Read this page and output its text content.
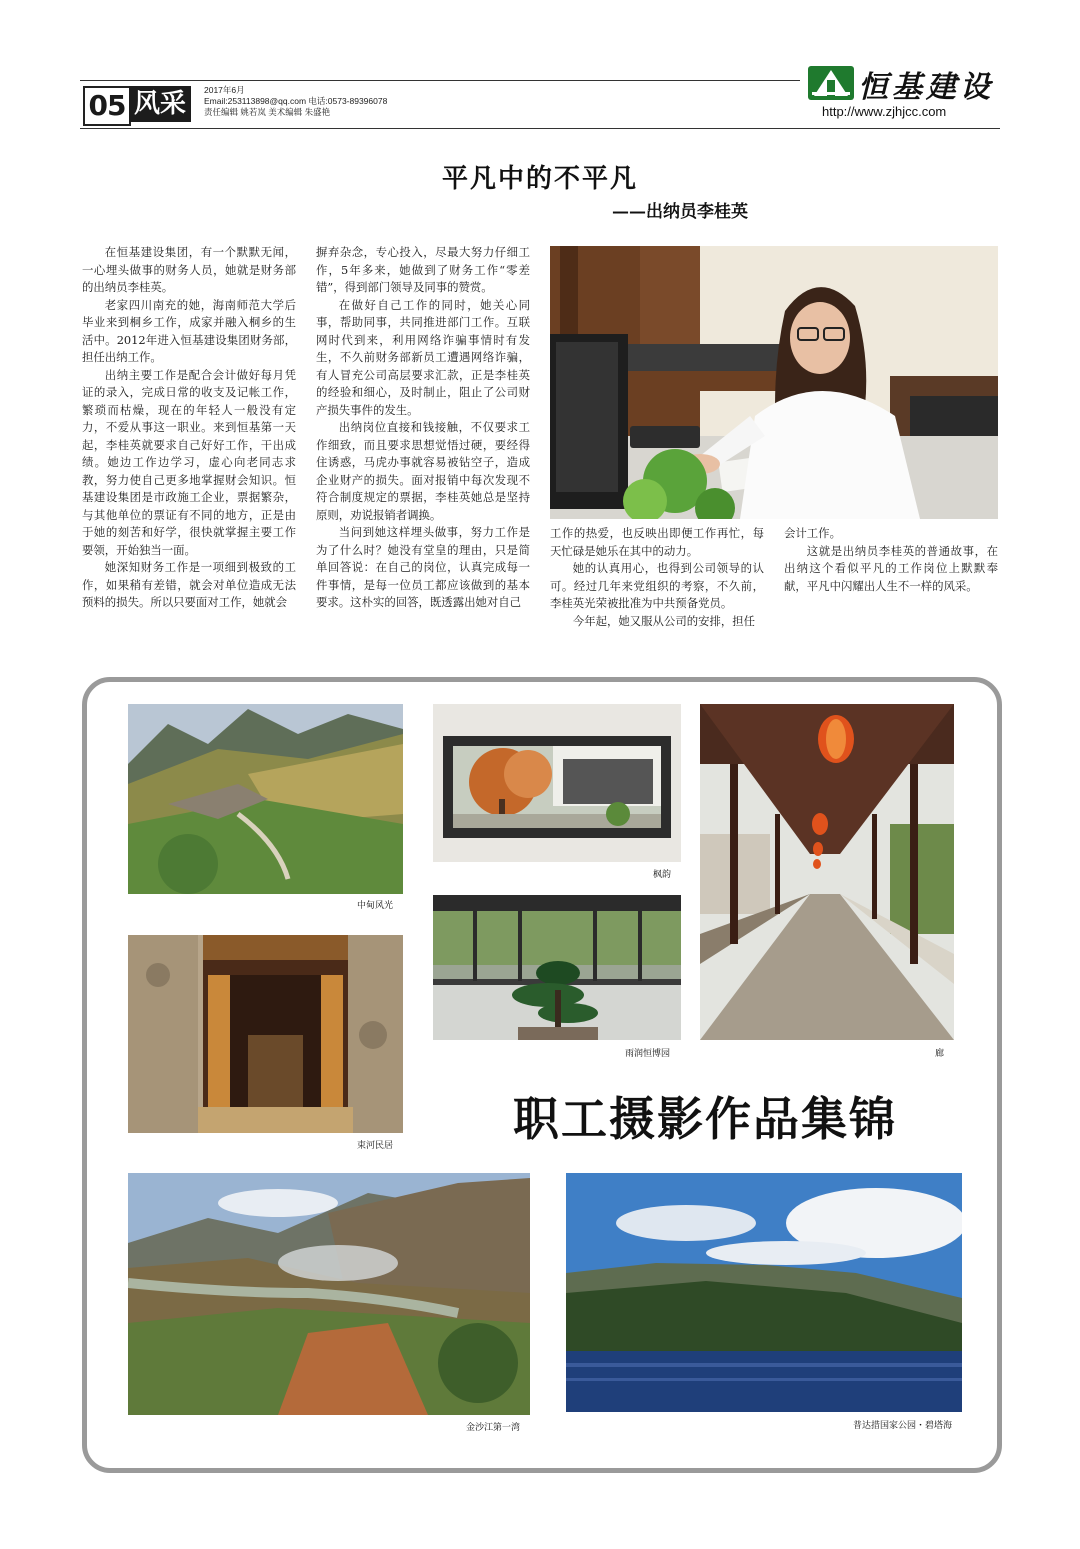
05 风采	2017年6月
Email:253113898@qq.com 电话:0573-89396078
责任编辑 姚若岚 美术编辑 朱盛艳
恒基建设
http://www.zjhjcc.com
平凡中的不平凡
——出纳员李桂英

在恒基建设集团，有一个默默无闻，一心埋头做事的财务人员，她就是财务部的出纳员李桂英。

老家四川南充的她，海南师范大学后毕业来到桐乡工作，成家并融入桐乡的生活中。2012年进入恒基建设集团财务部，担任出纳工作。

出纳主要工作是配合会计做好每月凭证的录入，完成日常的收支及记帐工作，繁琐而枯燥，现在的年轻人一般没有定力，不爱从事这一职业。来到恒基第一天起，李桂英就要求自己好好工作，干出成绩。她边工作边学习，虚心向老同志求教，努力使自己更多地掌握财会知识。恒基建设集团是市政施工企业，票据繁杂，与其他单位的票证有不同的地方，正是由于她的刻苦和好学，很快就掌握主要工作要领，开始独当一面。

她深知财务工作是一项细到极致的工作，如果稍有差错，就会对单位造成无法预料的损失。所以只要面对工作，她就会

摒弃杂念，专心投入，尽最大努力仔细工作，5年多来，她做到了财务工作“零差错”，得到部门领导及同事的赞赏。

在做好自己工作的同时，她关心同事，帮助同事，共同推进部门工作。互联网时代到来，利用网络诈骗事情时有发生，不久前财务部新员工遭遇网络诈骗，有人冒充公司高层要求汇款，正是李桂英的经验和细心，及时制止，阻止了公司财产损失事件的发生。

出纳岗位直接和钱接触，不仅要求工作细致，而且要求思想觉悟过硬，要经得住诱惑，马虎办事就容易被钻空子，造成企业财产的损失。面对报销中每次发现不符合制度规定的票据，李桂英她总是坚持原则，劝说报销者调换。

当问到她这样埋头做事，努力工作是为了什么时？她没有堂皇的理由，只是简单回答说：在自己的岗位，认真完成每一件事情，是每一位员工都应该做到的基本要求。这朴实的回答，既透露出她对自己

工作的热爱，也反映出即便工作再忙，每天忙碌是她乐在其中的动力。

她的认真用心，也得到公司领导的认可。经过几年来党组织的考察，不久前，李桂英光荣被批准为中共预备党员。

今年起，她又服从公司的安排，担任

会计工作。

这就是出纳员李桂英的普通故事，在出纳这个看似平凡的工作岗位上默默奉献，平凡中闪耀出人生不一样的风采。

中甸风光
枫韵
廊
雨润恒博园
束河民居	职工摄影作品集锦
金沙江第一湾	普达措国家公园・碧塔海
